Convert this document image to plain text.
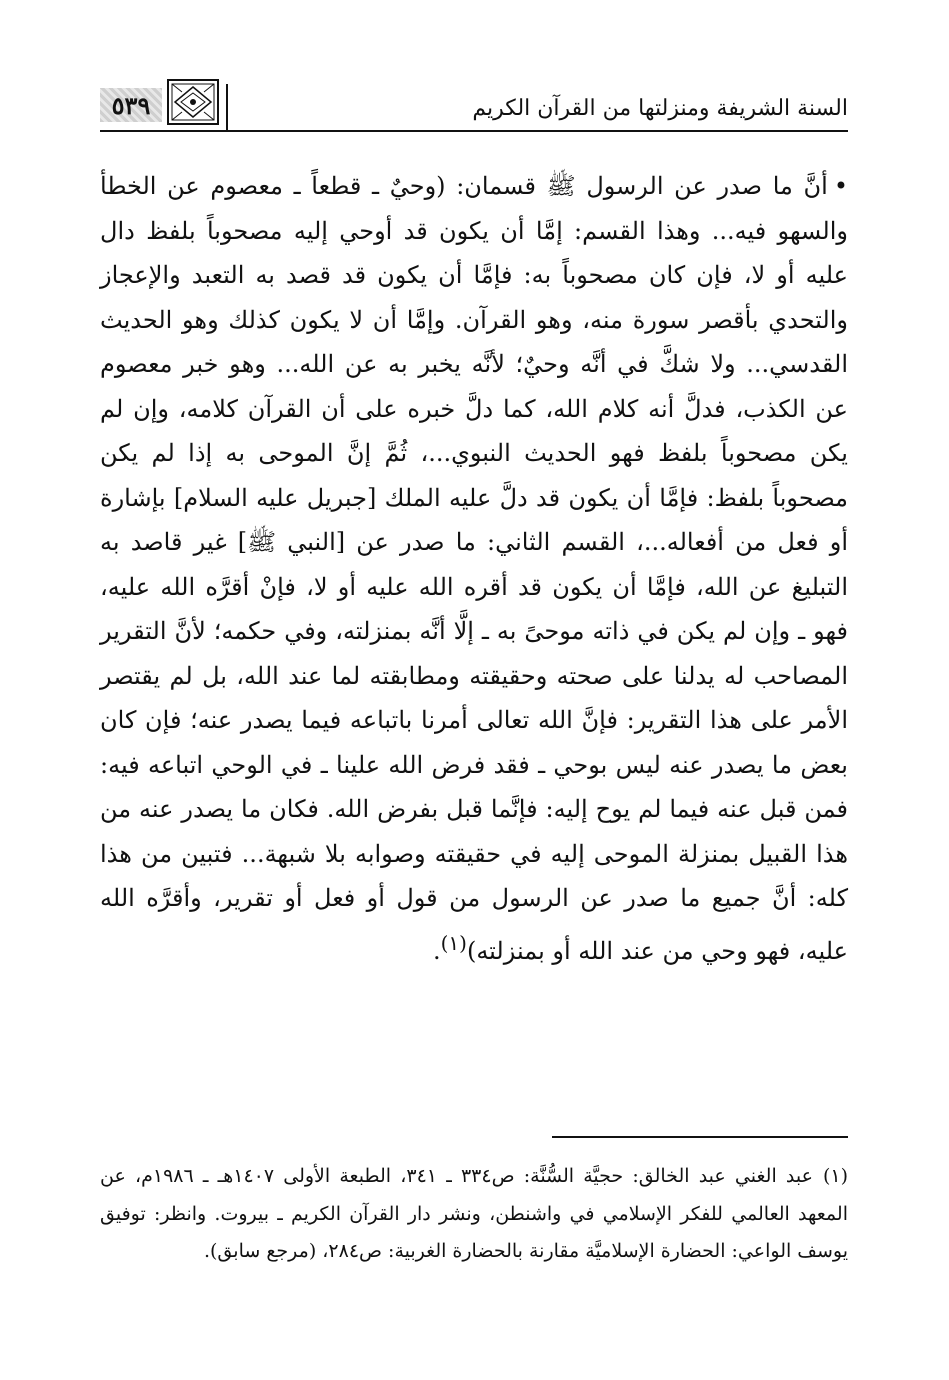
٥٣٩	السنة الشريفة ومنزلتها من القرآن الكريم
•أنَّ ما صدر عن الرسول ﷺ قسمان: (وحيٌ ـ قطعاً ـ معصوم عن الخطأ والسهو فيه... وهذا القسم: إمَّا أن يكون قد أوحي إليه مصحوباً بلفظ دال عليه أو لا، فإن كان مصحوباً به: فإمَّا أن يكون قد قصد به التعبد والإعجاز والتحدي بأقصر سورة منه، وهو القرآن. وإمَّا أن لا يكون كذلك وهو الحديث القدسي... ولا شكَّ في أنَّه وحيٌ؛ لأنَّه يخبر به عن الله... وهو خبر معصوم عن الكذب، فدلَّ أنه كلام الله، كما دلَّ خبره على أن القرآن كلامه، وإن لم يكن مصحوباً بلفظ فهو الحديث النبوي...، ثُمَّ إنَّ الموحى به إذا لم يكن مصحوباً بلفظ: فإمَّا أن يكون قد دلَّ عليه الملك [جبريل عليه السلام] بإشارة أو فعل من أفعاله...، القسم الثاني: ما صدر عن [النبي ﷺ] غير قاصد به التبليغ عن الله، فإمَّا أن يكون قد أقره الله عليه أو لا، فإنْ أقرَّه الله عليه، فهو ـ وإن لم يكن في ذاته موحىً به ـ إلَّا أنَّه بمنزلته، وفي حكمه؛ لأنَّ التقرير المصاحب له يدلنا على صحته وحقيقته ومطابقته لما عند الله، بل لم يقتصر الأمر على هذا التقرير: فإنَّ الله تعالى أمرنا باتباعه فيما يصدر عنه؛ فإن كان بعض ما يصدر عنه ليس بوحي ـ فقد فرض الله علينا ـ في الوحي اتباعه فيه: فمن قبل عنه فيما لم يوح إليه: فإنَّما قبل بفرض الله. فكان ما يصدر عنه من هذا القبيل بمنزلة الموحى إليه في حقيقته وصوابه بلا شبهة... فتبين من هذا كله: أنَّ جميع ما صدر عن الرسول من قول أو فعل أو تقرير، وأقرَّه الله عليه، فهو وحي من عند الله أو بمنزلته)$^{(١)}$.
(١)عبد الغني عبد الخالق: حجيَّة السُّنَّة: ص٣٣٤ ـ ٣٤١، الطبعة الأولى ١٤٠٧هـ ـ ١٩٨٦م، عن المعهد العالمي للفكر الإسلامي في واشنطن، ونشر دار القرآن الكريم ـ بيروت. وانظر: توفيق يوسف الواعي: الحضارة الإسلاميَّة مقارنة بالحضارة الغربية: ص٢٨٤، (مرجع سابق).
